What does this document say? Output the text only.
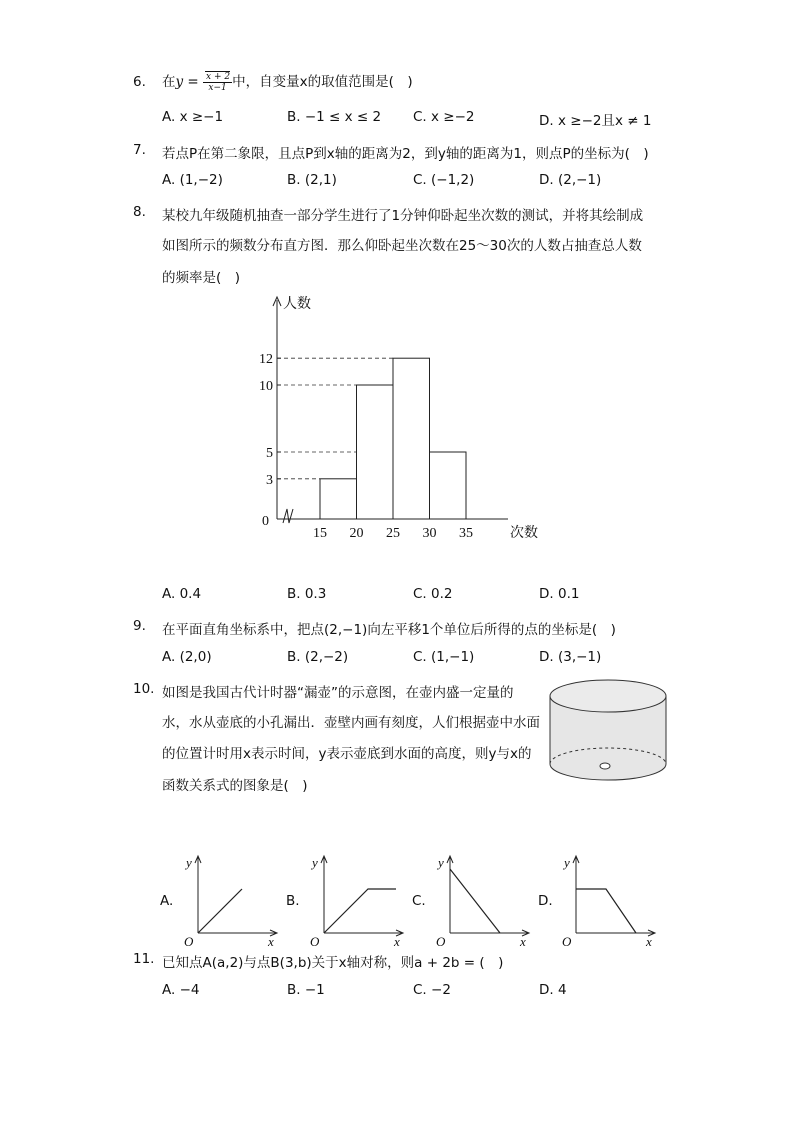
6. 在$y = \frac{x + 2}{x-1}$ 中，自变量x的取值范围是(　)
A. x ≥−1	B. −1 ≤ x ≤ 2 C. x ≥−2	D. x ≥−2且x ≠ 1
7. 若点P在第二象限，且点P到x轴的距离为2，到y轴的距离为1，则点P的坐标为(　)
A. (1,−2)	B. (2,1)	C. (−1,2)	D. (2,−1)
8. 某校九年级随机抽查一部分学生进行了1分钟仰卧起坐次数的测试，并将其绘制成
如图所示的频数分布直方图．那么仰卧起坐次数在25～30次的人数占抽查总人数
的频率是(　)
3
5
10
12
0
15 20 25 30 35
人数
次数
A. 0.4	B. 0.3	C. 0.2	D. 0.1
9. 在平面直角坐标系中，把点(2,−1)向左平移1个单位后所得的点的坐标是(　)
A. (2,0)	B. (2,−2)	C. (1,−1)	D. (3,−1)
10. 如图是我国古代计时器“漏壶”的示意图，在壶内盛一定量的
水，水从壶底的小孔漏出．壶壁内画有刻度，人们根据壶中水面
的位置计时用x表示时间，y表示壶底到水面的高度，则y与x的
函数关系式的图象是(　)
A.
y
x
O
B.
y
x
O
C.
y
x
O
D.
y
x
O
11. 已知点A(a,2)与点B(3,b)关于x轴对称，则a + 2b = (　)
A. −4	B. −1	C. −2	D. 4
